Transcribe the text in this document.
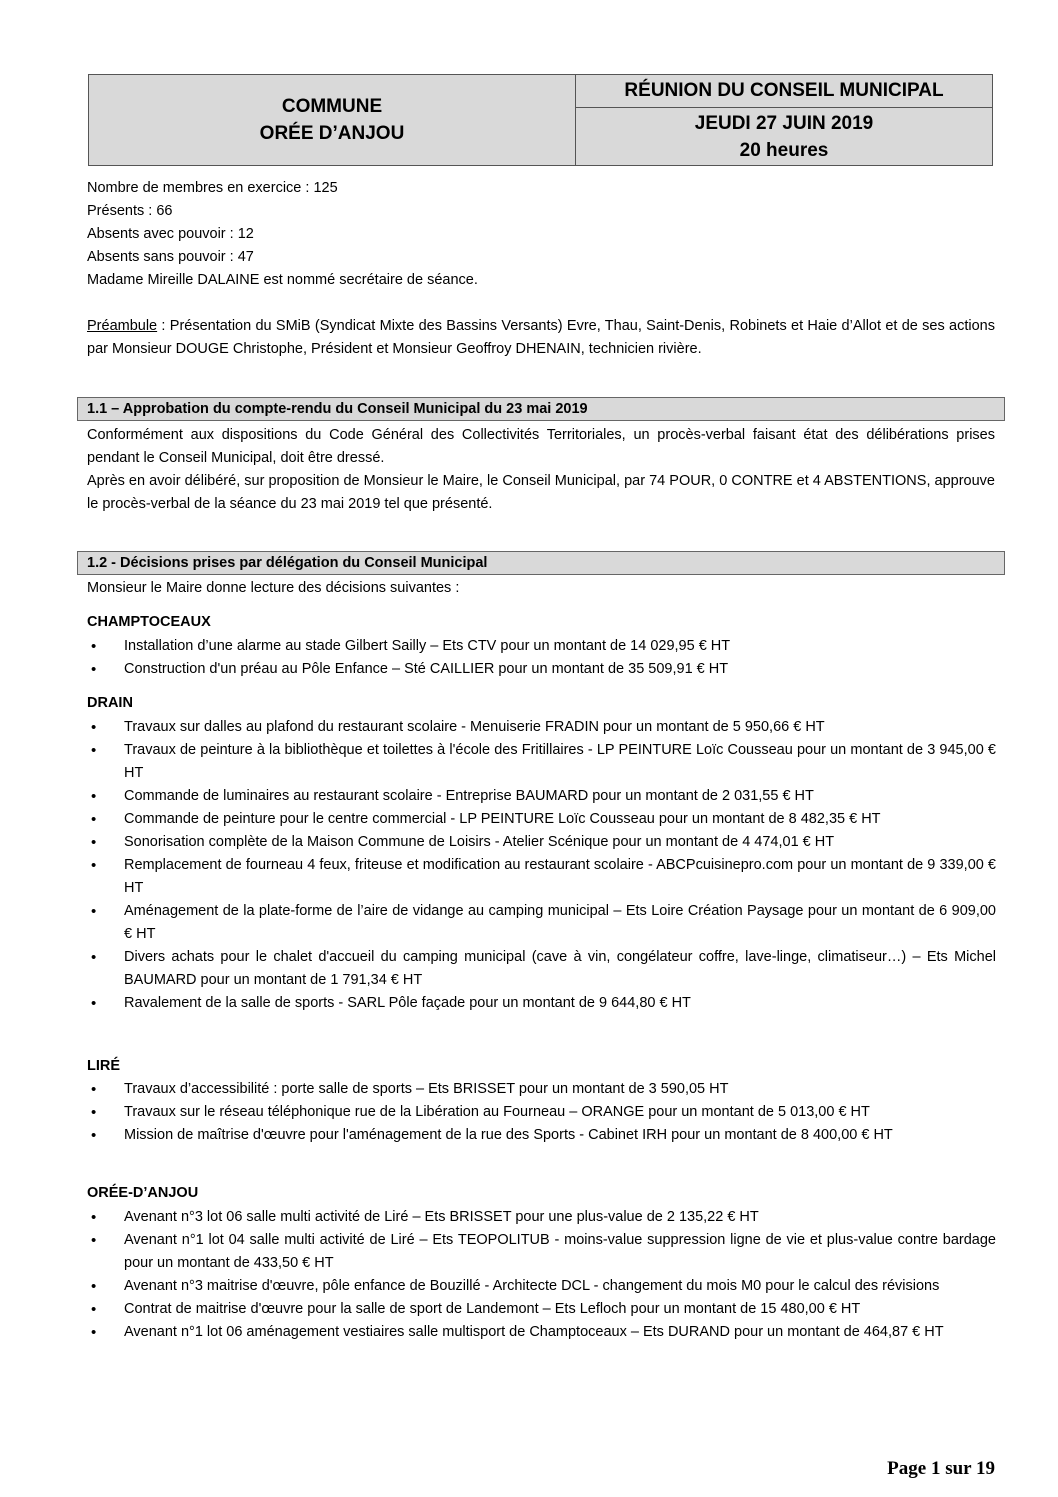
COMMUNE
ORÉE D’ANJOU
RÉUNION DU CONSEIL MUNICIPAL
JEUDI 27 JUIN 2019
20 heures
Nombre de membres en exercice : 125
Présents : 66
Absents avec pouvoir : 12
Absents sans pouvoir : 47
Madame Mireille DALAINE est nommé secrétaire de séance.
Préambule : Présentation du SMiB (Syndicat Mixte des Bassins Versants) Evre, Thau, Saint-Denis, Robinets et Haie d’Allot et de ses actions par Monsieur DOUGE Christophe, Président et Monsieur Geoffroy DHENAIN, technicien rivière.
1.1 – Approbation du compte-rendu du Conseil Municipal du 23 mai 2019
Conformément aux dispositions du Code Général des Collectivités Territoriales, un procès-verbal faisant état des délibérations prises pendant le Conseil Municipal, doit être dressé.
Après en avoir délibéré, sur proposition de Monsieur le Maire, le Conseil Municipal, par 74 POUR, 0 CONTRE et 4 ABSTENTIONS, approuve le procès-verbal de la séance du 23 mai 2019 tel que présenté.
1.2 - Décisions prises par délégation du Conseil Municipal
Monsieur le Maire donne lecture des décisions suivantes :
CHAMPTOCEAUX
• Installation d’une alarme au stade Gilbert Sailly – Ets CTV pour un montant de 14 029,95 € HT
• Construction d'un préau au Pôle Enfance – Sté CAILLIER pour un montant de 35 509,91 € HT
DRAIN
• Travaux sur dalles au plafond du restaurant scolaire - Menuiserie FRADIN pour un montant de 5 950,66 € HT
• Travaux de peinture à la bibliothèque et toilettes à l'école des Fritillaires - LP PEINTURE Loïc Cousseau pour un montant de 3 945,00 € HT
• Commande de luminaires au restaurant scolaire - Entreprise BAUMARD pour un montant de 2 031,55 € HT
• Commande de peinture pour le centre commercial - LP PEINTURE Loïc Cousseau pour un montant de 8 482,35 € HT
• Sonorisation complète de la Maison Commune de Loisirs - Atelier Scénique pour un montant de 4 474,01 € HT
• Remplacement de fourneau 4 feux, friteuse et modification au restaurant scolaire - ABCPcuisinepro.com pour un montant de 9 339,00 € HT
• Aménagement de la plate-forme de l’aire de vidange au camping municipal – Ets Loire Création Paysage pour un montant de 6 909,00 € HT
• Divers achats pour le chalet d'accueil du camping municipal (cave à vin, congélateur coffre, lave-linge, climatiseur…) – Ets Michel BAUMARD pour un montant de 1 791,34 € HT
• Ravalement de la salle de sports - SARL Pôle façade pour un montant de 9 644,80 € HT
LIRÉ
• Travaux d’accessibilité : porte salle de sports – Ets BRISSET pour un montant de 3 590,05 HT
• Travaux sur le réseau téléphonique rue de la Libération au Fourneau – ORANGE pour un montant de 5 013,00 € HT
• Mission de maîtrise d'œuvre pour l'aménagement de la rue des Sports - Cabinet IRH pour un montant de 8 400,00 € HT
ORÉE-D’ANJOU
• Avenant n°3 lot 06 salle multi activité de Liré – Ets BRISSET pour une plus-value de 2 135,22 € HT
• Avenant n°1 lot 04 salle multi activité de Liré – Ets TEOPOLITUB - moins-value suppression ligne de vie et plus-value contre bardage pour un montant de 433,50 € HT
• Avenant n°3 maitrise d'œuvre, pôle enfance de Bouzillé - Architecte DCL - changement du mois M0 pour le calcul des révisions
• Contrat de maitrise d'œuvre pour la salle de sport de Landemont – Ets Lefloch pour un montant de 15 480,00 € HT
• Avenant n°1 lot 06 aménagement vestiaires salle multisport de Champtoceaux – Ets DURAND pour un montant de 464,87 € HT
Page 1 sur 19
